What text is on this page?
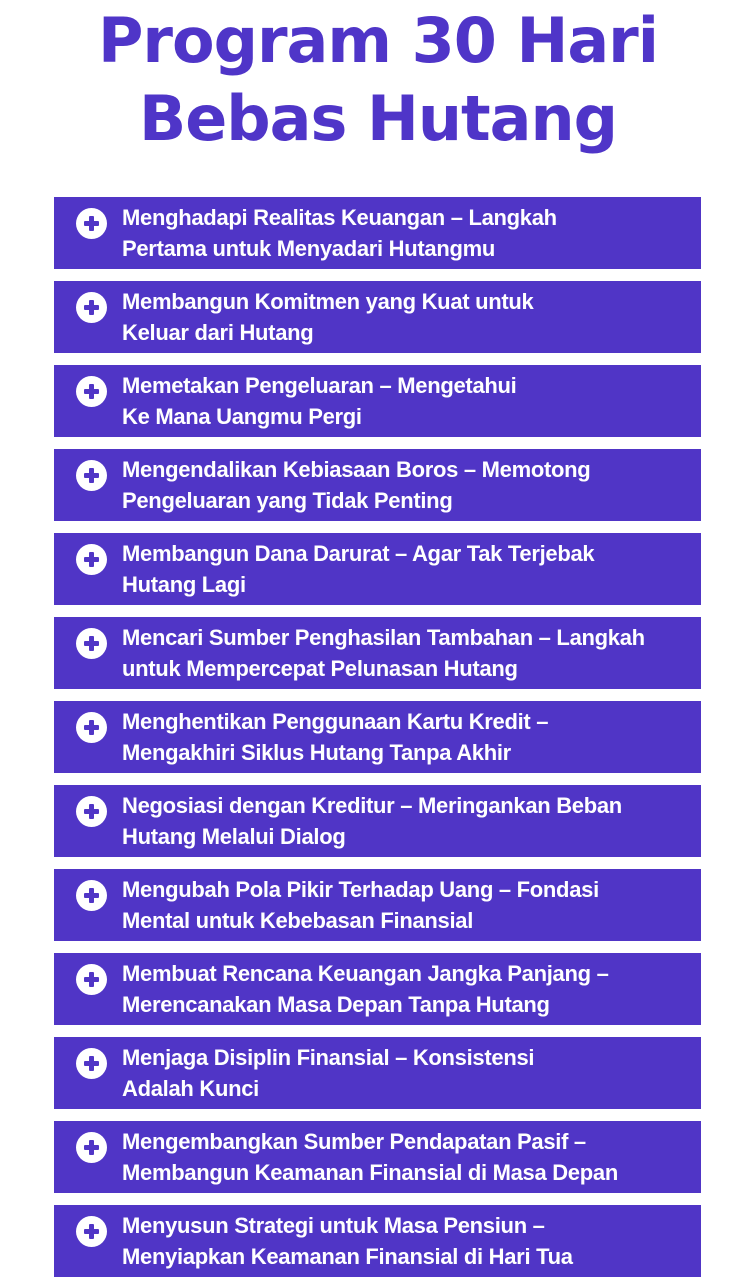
Program 30 Hari
Bebas Hutang
Menghadapi Realitas Keuangan – Langkah
Pertama untuk Menyadari Hutangmu
Membangun Komitmen yang Kuat untuk
Keluar dari Hutang
Memetakan Pengeluaran – Mengetahui
Ke Mana Uangmu Pergi
Mengendalikan Kebiasaan Boros – Memotong
Pengeluaran yang Tidak Penting
Membangun Dana Darurat – Agar Tak Terjebak
Hutang Lagi
Mencari Sumber Penghasilan Tambahan – Langkah
untuk Mempercepat Pelunasan Hutang
Menghentikan Penggunaan Kartu Kredit –
Mengakhiri Siklus Hutang Tanpa Akhir
Negosiasi dengan Kreditur – Meringankan Beban
Hutang Melalui Dialog
Mengubah Pola Pikir Terhadap Uang – Fondasi
Mental untuk Kebebasan Finansial
Membuat Rencana Keuangan Jangka Panjang –
Merencanakan Masa Depan Tanpa Hutang
Menjaga Disiplin Finansial – Konsistensi
Adalah Kunci
Mengembangkan Sumber Pendapatan Pasif –
Membangun Keamanan Finansial di Masa Depan
Menyusun Strategi untuk Masa Pensiun –
Menyiapkan Keamanan Finansial di Hari Tua
